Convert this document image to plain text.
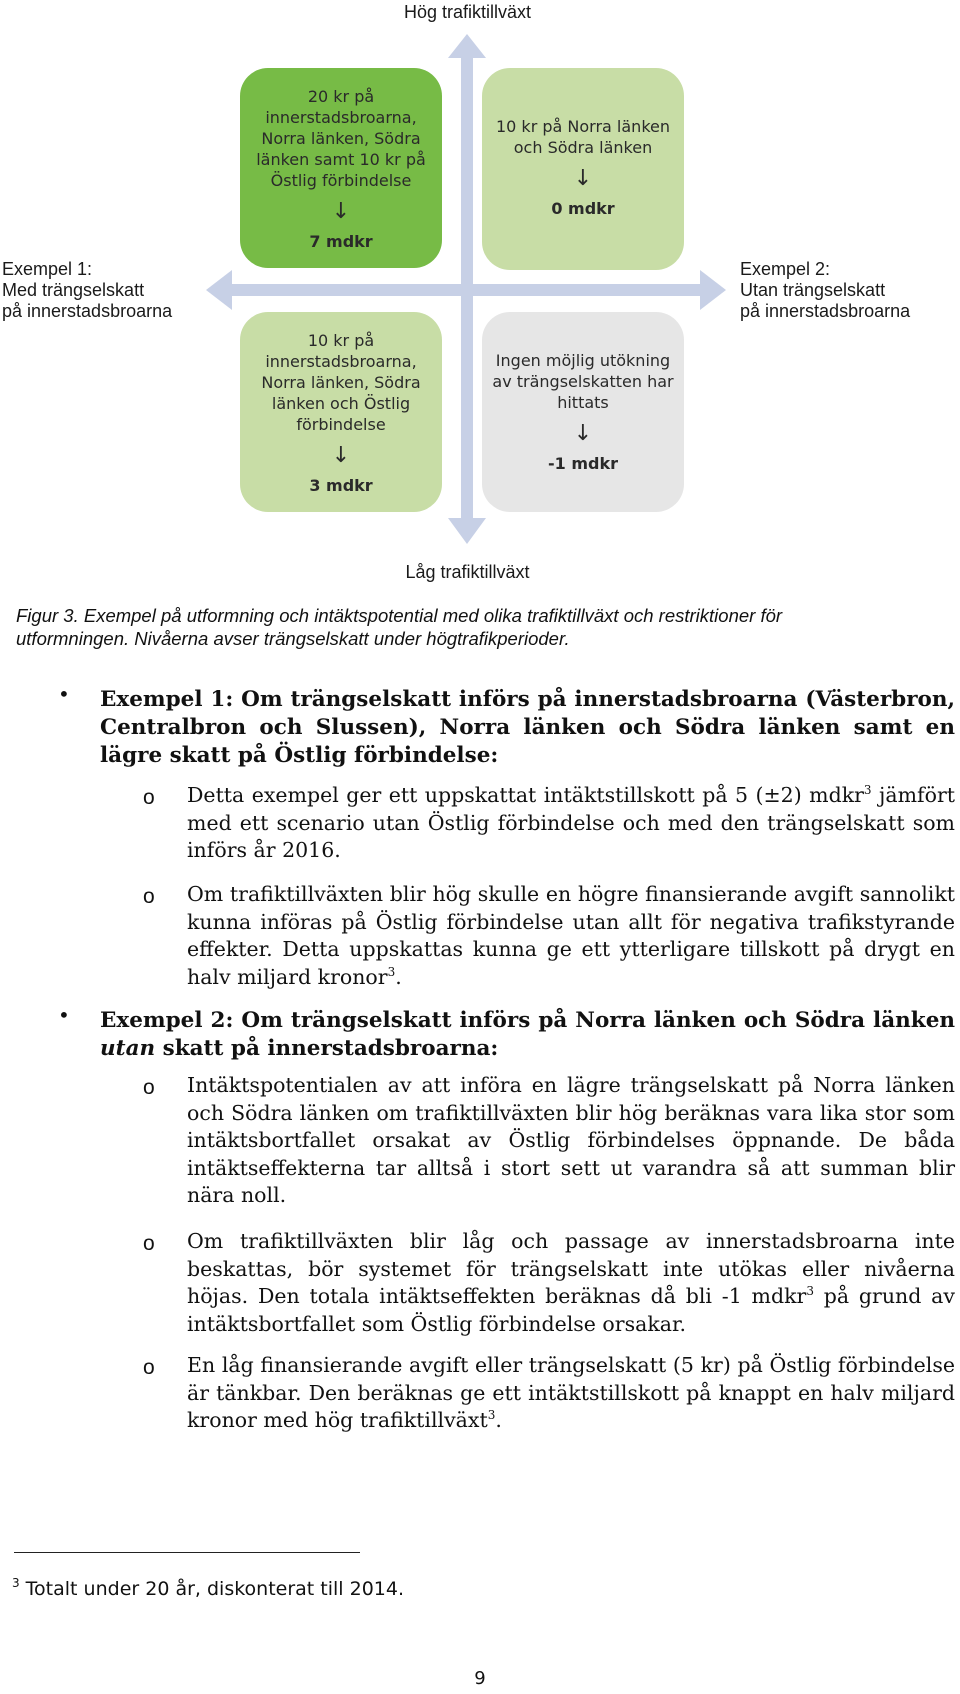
Hög trafiktillväxt
Låg trafiktillväxt
Exempel 1:
Med trängselskatt
på innerstadsbroarna
Exempel 2:
Utan trängselskatt
på innerstadsbroarna
20 kr på
innerstadsbroarna,
Norra länken, Södra
länken samt 10 kr på
Östlig förbindelse
↓
7 mdkr
10 kr på Norra länken
och Södra länken
↓
0 mdkr
10 kr på
innerstadsbroarna,
Norra länken, Södra
länken och Östlig
förbindelse
↓
3 mdkr
Ingen möjlig utökning
av trängselskatten har
hittats
↓
-1 mdkr
Figur 3. Exempel på utformning och intäktspotential med olika trafiktillväxt och restriktioner för
utformningen. Nivåerna avser trängselskatt under högtrafikperioder.
• Exempel 1: Om trängselskatt införs på innerstadsbroarna (Västerbron, Centralbron och Slussen), Norra länken och Södra länken samt en lägre skatt på Östlig förbindelse:
o Detta exempel ger ett uppskattat intäktstillskott på 5 (±2) mdkr$^3$ jämfört med ett scenario utan Östlig förbindelse och med den trängselskatt som införs år 2016.
o Om trafiktillväxten blir hög skulle en högre finansierande avgift sannolikt kunna införas på Östlig förbindelse utan allt för negativa trafikstyrande effekter. Detta uppskattas kunna ge ett ytterligare tillskott på drygt en halv miljard kronor$^3$.
• Exempel 2: Om trängselskatt införs på Norra länken och Södra länken utan skatt på innerstadsbroarna:
o Intäktspotentialen av att införa en lägre trängselskatt på Norra länken och Södra länken om trafiktillväxten blir hög beräknas vara lika stor som intäktsbortfallet orsakat av Östlig förbindelses öppnande. De båda intäktseffekterna tar alltså i stort sett ut varandra så att summan blir nära noll.
o Om trafiktillväxten blir låg och passage av innerstadsbroarna inte beskattas, bör systemet för trängselskatt inte utökas eller nivåerna höjas. Den totala intäktseffekten beräknas då bli -1 mdkr$^3$ på grund av intäktsbortfallet som Östlig förbindelse orsakar.
o En låg finansierande avgift eller trängselskatt (5 kr) på Östlig förbindelse är tänkbar. Den beräknas ge ett intäktstillskott på knappt en halv miljard kronor med hög trafiktillväxt$^3$.
$^3$ Totalt under 20 år, diskonterat till 2014.
9
